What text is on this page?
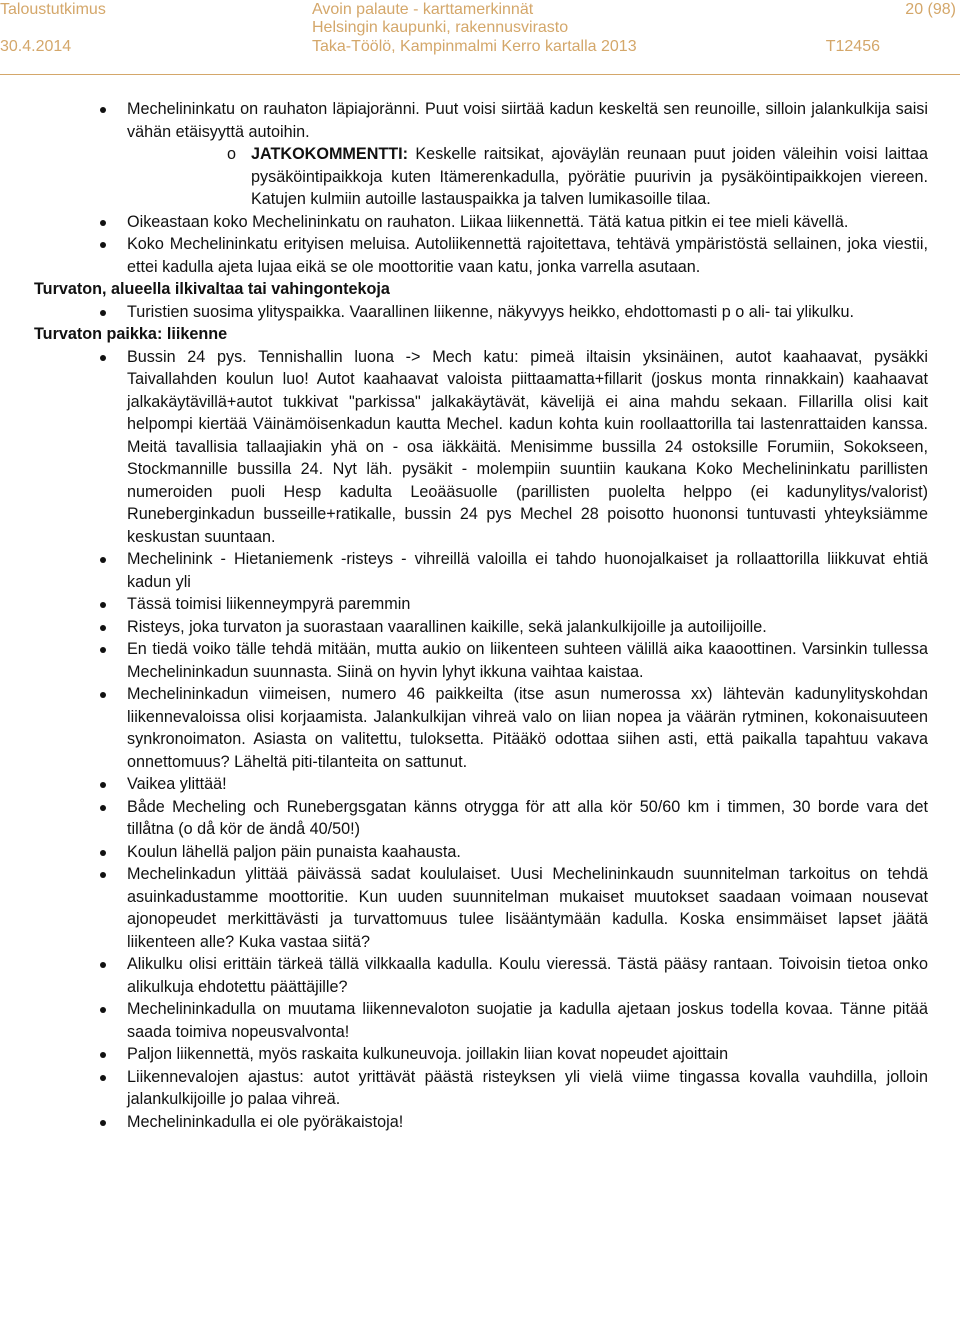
Taloustutkimus
30.4.2014
Avoin palaute - karttamerkinnät
Helsingin kaupunki, rakennusvirasto
Taka-Töölö, Kampinmalmi Kerro kartalla 2013
20 (98)
T12456
Mechelininkatu on rauhaton läpiajoränni. Puut voisi siirtää kadun keskeltä sen reunoille, silloin jalankulkija saisi vähän etäisyyttä autoihin.
o JATKOKOMMENTTI: Keskelle raitsikat, ajoväylän reunaan puut joiden väleihin voisi laittaa pysäköintipaikkoja kuten Itämerenkadulla, pyörätie puurivin ja pysäköintipaikkojen viereen. Katujen kulmiin autoille lastauspaikka ja talven lumikasoille tilaa.
Oikeastaan koko Mechelininkatu on rauhaton. Liikaa liikennettä. Tätä katua pitkin ei tee mieli kävellä.
Koko Mechelininkatu erityisen meluisa. Autoliikennettä rajoitettava, tehtävä ympäristöstä sellainen, joka viestii, ettei kadulla ajeta lujaa eikä se ole moottoritie vaan katu, jonka varrella asutaan.

Turvaton, alueella ilkivaltaa tai vahingontekoja

Turistien suosima ylityspaikka. Vaarallinen liikenne, näkyvyys heikko, ehdottomasti p o ali- tai ylikulku.

Turvaton paikka: liikenne

Bussin 24 pys. Tennishallin luona -> Mech katu: pimeä iltaisin yksinäinen, autot kaahaavat, pysäkki Taivallahden koulun luo! Autot kaahaavat valoista piittaamatta+fillarit (joskus monta rinnakkain) kaahaavat jalkakäytävillä+autot tukkivat "parkissa" jalkakäytävät, kävelijä ei aina mahdu sekaan. Fillarilla olisi kait helpompi kiertää Väinämöisenkadun kautta Mechel. kadun kohta kuin roollaattorilla tai lastenrattaiden kanssa. Meitä tavallisia tallaajiakin yhä on - osa iäkkäitä. Menisimme bussilla 24 ostoksille Forumiin, Sokokseen, Stockmannille bussilla 24. Nyt läh. pysäkit - molempiin suuntiin kaukana Koko Mechelininkatu parillisten numeroiden puoli Hesp kadulta Leoääsuolle (parillisten puolelta helppo (ei kadunylitys/valorist) Runeberginkadun busseille+ratikalle, bussin 24 pys Mechel 28 poisotto huononsi tuntuvasti yhteyksiämme keskustan suuntaan.
Mechelinink - Hietaniemenk -risteys - vihreillä valoilla ei tahdo huonojalkaiset ja rollaattorilla liikkuvat ehtiä kadun yli
Tässä toimisi liikenneympyrä paremmin
Risteys, joka turvaton ja suorastaan vaarallinen kaikille, sekä jalankulkijoille ja autoilijoille.
En tiedä voiko tälle tehdä mitään, mutta aukio on liikenteen suhteen välillä aika kaaoottinen. Varsinkin tullessa Mechelininkadun suunnasta. Siinä on hyvin lyhyt ikkuna vaihtaa kaistaa.
Mechelininkadun viimeisen, numero 46 paikkeilta (itse asun numerossa xx) lähtevän kadunylityskohdan liikennevaloissa olisi korjaamista. Jalankulkijan vihreä valo on liian nopea ja väärän rytminen, kokonaisuuteen synkronoimaton. Asiasta on valitettu, tuloksetta. Pitääkö odottaa siihen asti, että paikalla tapahtuu vakava onnettomuus? Läheltä piti-tilanteita on sattunut.
Vaikea ylittää!
Både Mecheling och Runebergsgatan känns otrygga för att alla kör 50/60 km i timmen, 30 borde vara det tillåtna (o då kör de ändå 40/50!)
Koulun lähellä paljon päin punaista kaahausta.
Mechelinkadun ylittää päivässä sadat koululaiset. Uusi Mechelininkaudn suunnitelman tarkoitus on tehdä asuinkadustamme moottoritie. Kun uuden suunnitelman mukaiset muutokset saadaan voimaan nousevat ajonopeudet merkittävästi ja turvattomuus tulee lisääntymään kadulla. Koska ensimmäiset lapset jäätä liikenteen alle? Kuka vastaa siitä?
Alikulku olisi erittäin tärkeä tällä vilkkaalla kadulla. Koulu vieressä. Tästä pääsy rantaan. Toivoisin tietoa onko alikulkuja ehdotettu päättäjille?
Mechelininkadulla on muutama liikennevaloton suojatie ja kadulla ajetaan joskus todella kovaa. Tänne pitää saada toimiva nopeusvalvonta!
Paljon liikennettä, myös raskaita kulkuneuvoja. joillakin liian kovat nopeudet ajoittain
Liikennevalojen ajastus: autot yrittävät päästä risteyksen yli vielä viime tingassa kovalla vauhdilla, jolloin jalankulkijoille jo palaa vihreä.
Mechelininkadulla ei ole pyöräkaistoja!
